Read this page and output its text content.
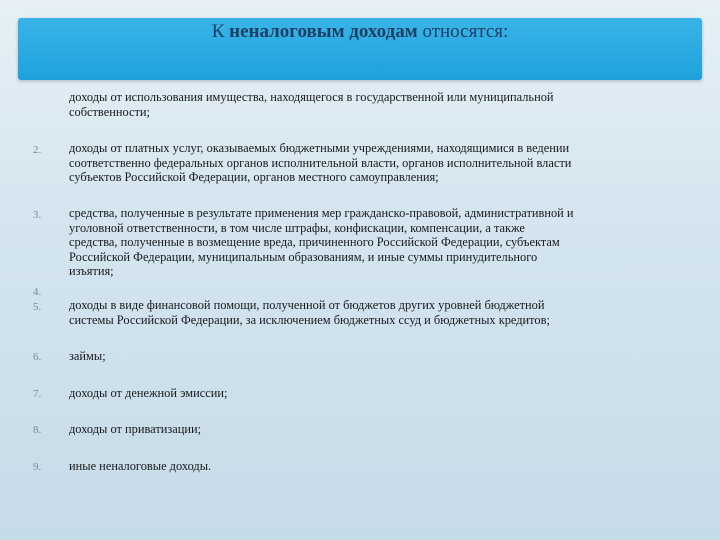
К неналоговым доходам относятся:
доходы от использования имущества, находящегося в государственной или муниципальной
собственности;
2. доходы от платных услуг, оказываемых бюджетными учреждениями, находящимися в ведении
соответственно федеральных органов исполнительной власти, органов исполнительной власти
субъектов Российской Федерации, органов местного самоуправления;
3. средства, полученные в результате применения мер гражданско-правовой, административной и
уголовной ответственности, в том числе штрафы, конфискации, компенсации, а также
средства, полученные в возмещение вреда, причиненного Российской Федерации, субъектам
Российской Федерации, муниципальным образованиям, и иные суммы принудительного
изъятия;
4.
5. доходы в виде финансовой помощи, полученной от бюджетов других уровней бюджетной
системы Российской Федерации, за исключением бюджетных ссуд и бюджетных кредитов;
6. займы;
7. доходы от денежной эмиссии;
8. доходы от приватизации;
9. иные неналоговые доходы.
